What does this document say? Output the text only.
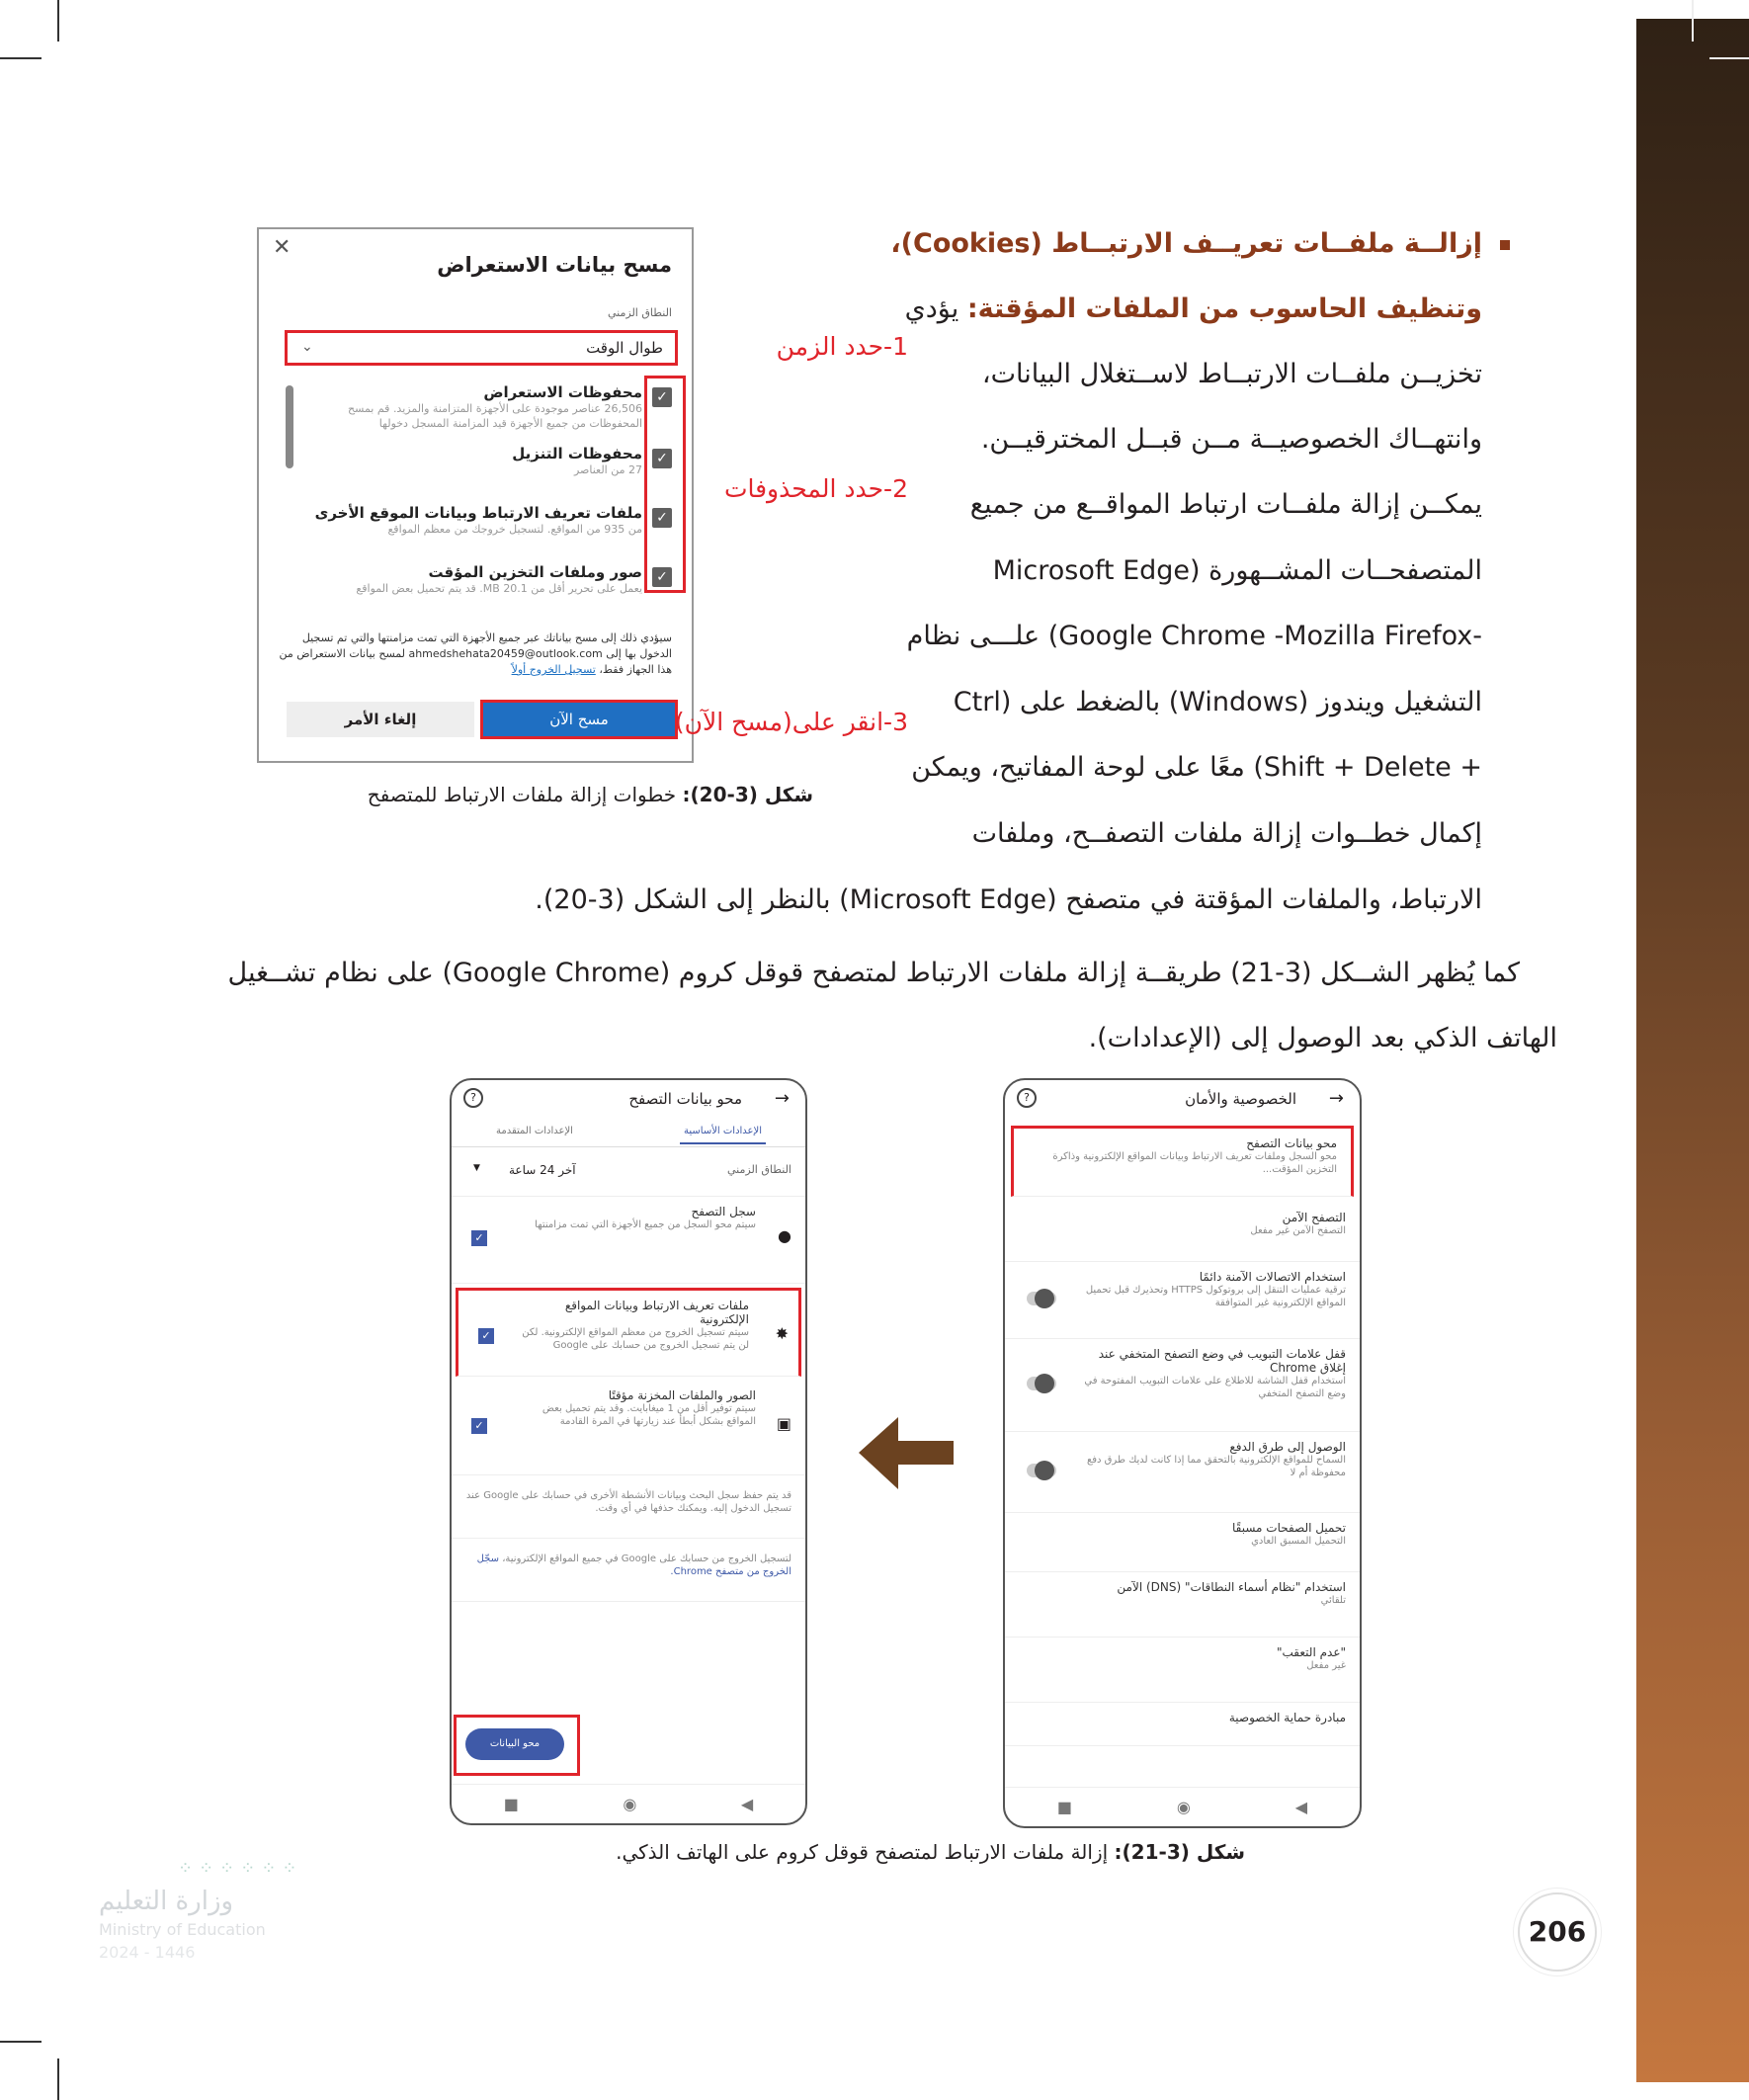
إزالــة ملفــات تعريــف الارتبــاط (Cookies)،
وتنظيف الحاسوب من الملفات المؤقتة: يؤدي
تخزيــن ملفــات الارتبــاط لاســتغلال البيانات،
وانتهــاك الخصوصيــة مــن قبــل المخترقيــن.
يمكــن إزالة ملفــات ارتباط المواقــع من جميع
المتصفحــات المشــهورة (Microsoft Edge
-Google Chrome -Mozilla Firefox) علـــى نظام
التشغيل ويندوز (Windows) بالضغط على (Ctrl
+ Shift + Delete) معًا على لوحة المفاتيح، ويمكن
إكمال خطــوات إزالة ملفات التصفــح، وملفات
الارتباط، والملفات المؤقتة في متصفح (Microsoft Edge) بالنظر إلى الشكل (3-20).
كما يُظهر الشــكل (3-21) طريقــة إزالة ملفات الارتباط لمتصفح قوقل كروم (Google Chrome) على نظام تشــغيل
الهاتف الذكي بعد الوصول إلى (الإعدادات).
✕
مسح بيانات الاستعراض
النطاق الزمني
⌄	طوال الوقت
✓
محفوظات الاستعراض
26,506 عناصر موجودة على الأجهزة المتزامنة والمزيد. قم بمسح المحفوظات من جميع الأجهزة قيد المزامنة المسجل دخولها
✓
محفوظات التنزيل
27 من العناصر
✓
ملفات تعريف الارتباط وبيانات الموقع الأخرى
من 935 من المواقع. لتسجيل خروجك من معظم المواقع
✓
صور وملفات التخزين المؤقت
يعمل على تحرير أقل من 20.1 MB. قد يتم تحميل بعض المواقع
سيؤدي ذلك إلى مسح بياناتك عبر جميع الأجهزة التي تمت مزامنتها والتي تم تسجيل الدخول بها إلى ahmedshehata20459@outlook.com لمسح بيانات الاستعراض من هذا الجهاز فقط، تسجيل الخروج أولاً
مسح الآن
إلغاء الأمر
1-حدد الزمن
2-حدد المحذوفات
3-انقر على(مسح الآن)
شكل (3-20): خطوات إزالة ملفات الارتباط للمتصفح
→
الخصوصية والأمان
?
محو بيانات التصفح
محو السجل وملفات تعريف الارتباط وبيانات المواقع الإلكترونية وذاكرة التخزين المؤقت...
التصفح الآمن
التصفح الآمن غير مفعل
استخدام الاتصالات الآمنة دائمًا
ترقية عمليات التنقل إلى بروتوكول HTTPS وتحذيرك قبل تحميل المواقع الإلكترونية غير المتوافقة
قفل علامات التبويب في وضع التصفح المتخفي عند إغلاق Chrome
استخدام قفل الشاشة للاطلاع على علامات التبويب المفتوحة في وضع التصفح المتخفي
الوصول إلى طرق الدفع
السماح للمواقع الإلكترونية بالتحقق مما إذا كانت لديك طرق دفع محفوظة أم لا
تحميل الصفحات مسبقًا
التحميل المسبق العادي
استخدام "نظام أسماء النطاقات" (DNS) الآمن
تلقائي
"عدم التعقب"
غير مفعل
مبادرة حماية الخصوصية
■	◉	◀
→
محو بيانات التصفح
?
الإعدادات الأساسية
الإعدادات المتقدمة
النطاق الزمني
آخر 24 ساعة
▼
●
✓
سجل التصفح
سيتم محو السجل من جميع الأجهزة التي تمت مزامنتها
✸
✓
ملفات تعريف الارتباط وبيانات المواقع الإلكترونية
سيتم تسجيل الخروج من معظم المواقع الإلكترونية. لكن لن يتم تسجيل الخروج من حسابك على Google
▣
✓
الصور والملفات المخزنة مؤقتًا
سيتم توفير أقل من 1 ميغابايت. وقد يتم تحميل بعض المواقع بشكل أبطأ عند زيارتها في المرة القادمة
قد يتم حفظ سجل البحث وبيانات الأنشطة الأخرى في حسابك على Google عند تسجيل الدخول إليه. ويمكنك حذفها في أي وقت.
لتسجيل الخروج من حسابك على Google في جميع المواقع الإلكترونية، سجّل الخروج من متصفح Chrome.
محو البيانات
■	◉	◀
شكل (3-21): إزالة ملفات الارتباط لمتصفح قوقل كروم على الهاتف الذكي.
206
⁘⁘⁘⁘⁘⁘
وزارة التعليم
Ministry of Education
2024 - 1446
